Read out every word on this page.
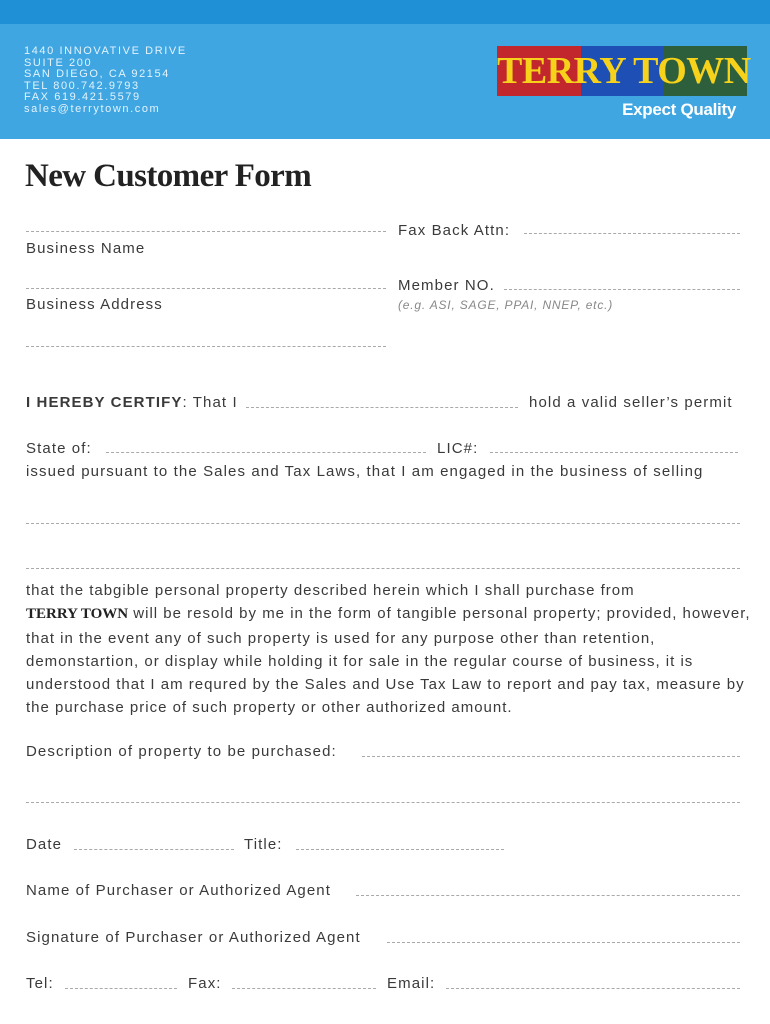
1440 INNOVATIVE DRIVE
SUITE 200
SAN DIEGO, CA 92154
TEL 800.742.9793
FAX 619.421.5579
sales@terrytown.com
TERRY TOWN
Expect Quality
New Customer Form
Business Name
Fax Back Attn:
Business Address
Member NO.
(e.g. ASI, SAGE, PPAI, NNEP, etc.)
I HEREBY CERTIFY: That I	hold a valid seller’s permit
State of:	LIC#:
issued pursuant to the Sales and Tax Laws, that I am engaged in the business of selling
that the tabgible personal property described herein which I shall purchase from
TERRY TOWN will be resold by me in the form of tangible personal property; provided, however, that in the event any of such property is used for any purpose other than retention, demonstartion, or display while holding it for sale in the regular course of business, it is understood that I am requred by the Sales and Use Tax Law to report and pay tax, measure by the purchase price of such property or other authorized amount.
Description of property to be purchased:
Date	Title:
Name of Purchaser or Authorized Agent
Signature of Purchaser or Authorized Agent
Tel:	Fax:	Email:
